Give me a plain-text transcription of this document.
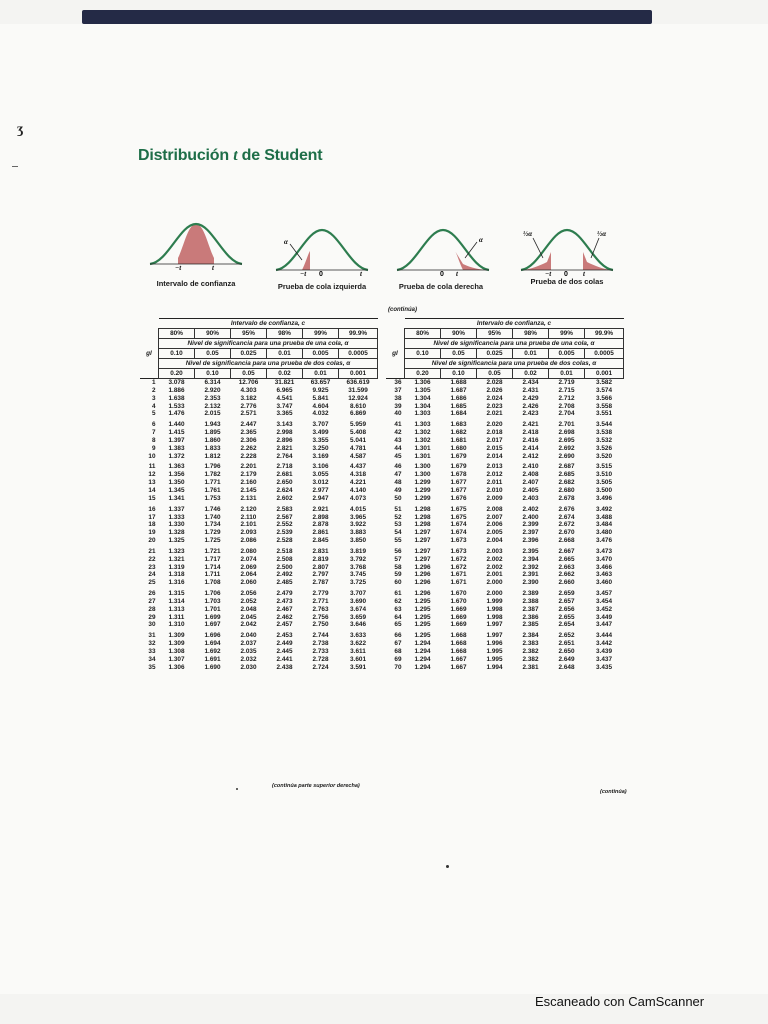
ʒ
Distribución t de Student
−t	t
Intervalo de confianza
α
−t 0	t
Prueba de cola izquierda
0 t
α
Prueba de cola derecha
½α	½α
−t 0 t
Prueba de dos colas
(continúa)
	Intervalo de confianza, c					
	80%	90%	95%	98%	99%	99.9%
	Nivel de significancia para una prueba de una cola, α					
gl	0.10	0.05	0.025	0.01	0.005	0.0005
	Nivel de significancia para una prueba de dos colas, α					
	0.20	0.10	0.05	0.02	0.01	0.001
1	3.078	6.314	12.706	31.821	63.657	636.619
2	1.886	2.920	4.303	6.965	9.925	31.599
3	1.638	2.353	3.182	4.541	5.841	12.924
4	1.533	2.132	2.776	3.747	4.604	8.610
5	1.476	2.015	2.571	3.365	4.032	6.869

6	1.440	1.943	2.447	3.143	3.707	5.959
7	1.415	1.895	2.365	2.998	3.499	5.408
8	1.397	1.860	2.306	2.896	3.355	5.041
9	1.383	1.833	2.262	2.821	3.250	4.781
10	1.372	1.812	2.228	2.764	3.169	4.587

11	1.363	1.796	2.201	2.718	3.106	4.437
12	1.356	1.782	2.179	2.681	3.055	4.318
13	1.350	1.771	2.160	2.650	3.012	4.221
14	1.345	1.761	2.145	2.624	2.977	4.140
15	1.341	1.753	2.131	2.602	2.947	4.073

16	1.337	1.746	2.120	2.583	2.921	4.015
17	1.333	1.740	2.110	2.567	2.898	3.965
18	1.330	1.734	2.101	2.552	2.878	3.922
19	1.328	1.729	2.093	2.539	2.861	3.883
20	1.325	1.725	2.086	2.528	2.845	3.850

21	1.323	1.721	2.080	2.518	2.831	3.819
22	1.321	1.717	2.074	2.508	2.819	3.792
23	1.319	1.714	2.069	2.500	2.807	3.768
24	1.318	1.711	2.064	2.492	2.797	3.745
25	1.316	1.708	2.060	2.485	2.787	3.725

26	1.315	1.706	2.056	2.479	2.779	3.707
27	1.314	1.703	2.052	2.473	2.771	3.690
28	1.313	1.701	2.048	2.467	2.763	3.674
29	1.311	1.699	2.045	2.462	2.756	3.659
30	1.310	1.697	2.042	2.457	2.750	3.646

31	1.309	1.696	2.040	2.453	2.744	3.633
32	1.309	1.694	2.037	2.449	2.738	3.622
33	1.308	1.692	2.035	2.445	2.733	3.611
34	1.307	1.691	2.032	2.441	2.728	3.601
35	1.306	1.690	2.030	2.438	2.724	3.591
(continúa parte superior derecha)
	Intervalo de confianza, c					
	80%	90%	95%	98%	99%	99.9%
	Nivel de significancia para una prueba de una cola, α					
gl	0.10	0.05	0.025	0.01	0.005	0.0005
	Nivel de significancia para una prueba de dos colas, α					
	0.20	0.10	0.05	0.02	0.01	0.001
36	1.306	1.688	2.028	2.434	2.719	3.582
37	1.305	1.687	2.026	2.431	2.715	3.574
38	1.304	1.686	2.024	2.429	2.712	3.566
39	1.304	1.685	2.023	2.426	2.708	3.558
40	1.303	1.684	2.021	2.423	2.704	3.551

41	1.303	1.683	2.020	2.421	2.701	3.544
42	1.302	1.682	2.018	2.418	2.698	3.538
43	1.302	1.681	2.017	2.416	2.695	3.532
44	1.301	1.680	2.015	2.414	2.692	3.526
45	1.301	1.679	2.014	2.412	2.690	3.520

46	1.300	1.679	2.013	2.410	2.687	3.515
47	1.300	1.678	2.012	2.408	2.685	3.510
48	1.299	1.677	2.011	2.407	2.682	3.505
49	1.299	1.677	2.010	2.405	2.680	3.500
50	1.299	1.676	2.009	2.403	2.678	3.496

51	1.298	1.675	2.008	2.402	2.676	3.492
52	1.298	1.675	2.007	2.400	2.674	3.488
53	1.298	1.674	2.006	2.399	2.672	3.484
54	1.297	1.674	2.005	2.397	2.670	3.480
55	1.297	1.673	2.004	2.396	2.668	3.476

56	1.297	1.673	2.003	2.395	2.667	3.473
57	1.297	1.672	2.002	2.394	2.665	3.470
58	1.296	1.672	2.002	2.392	2.663	3.466
59	1.296	1.671	2.001	2.391	2.662	3.463
60	1.296	1.671	2.000	2.390	2.660	3.460

61	1.296	1.670	2.000	2.389	2.659	3.457
62	1.295	1.670	1.999	2.388	2.657	3.454
63	1.295	1.669	1.998	2.387	2.656	3.452
64	1.295	1.669	1.998	2.386	2.655	3.449
65	1.295	1.669	1.997	2.385	2.654	3.447

66	1.295	1.668	1.997	2.384	2.652	3.444
67	1.294	1.668	1.996	2.383	2.651	3.442
68	1.294	1.668	1.995	2.382	2.650	3.439
69	1.294	1.667	1.995	2.382	2.649	3.437
70	1.294	1.667	1.994	2.381	2.648	3.435
(continúa)
Escaneado con CamScanner
